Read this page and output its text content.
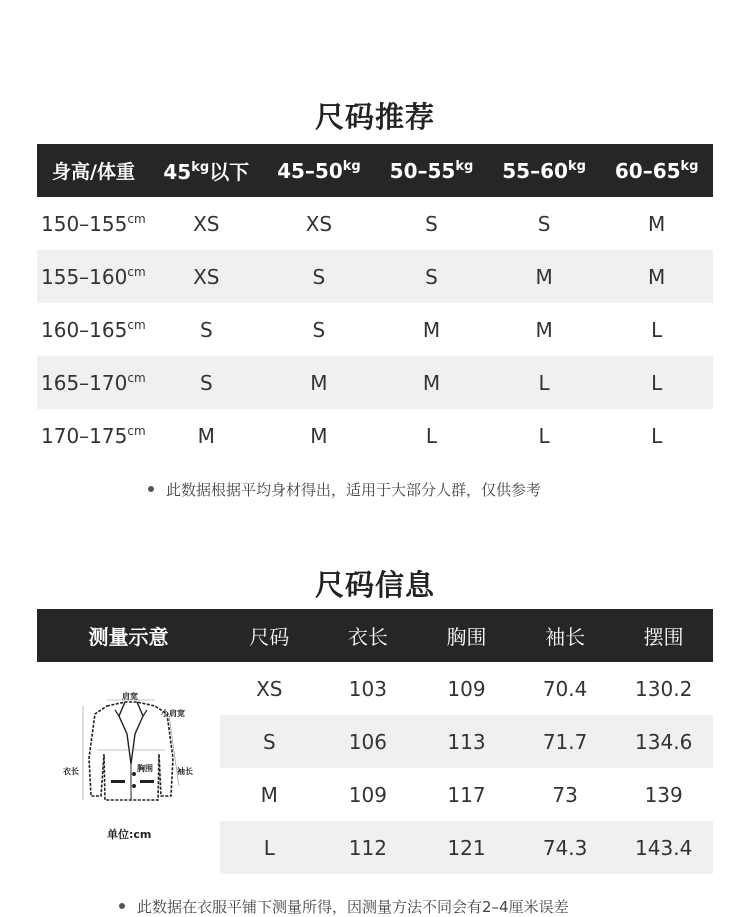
尺码推荐
身高/体重	$45^{kg}$以下	$45-50^{kg}$	$50-55^{kg}$	$55-60^{kg}$	$60-65^{kg}$
$150-155^{cm}$	XS	XS	S	S	M
$155-160^{cm}$	XS	S	S	M	M
$160-165^{cm}$	S	S	M	M	L
$165-170^{cm}$	S	M	M	L	L
$170-175^{cm}$	M	M	L	L	L
此数据根据平均身材得出，适用于大部分人群，仅供参考
尺码信息
测量示意	尺码	衣长	胸围	袖长	摆围
肩宽
小肩宽
衣长	胸围	袖长
单位:cm
XS	103	109	70.4	130.2
S	106	113	71.7	134.6
M	109	117	73	139
L	112	121	74.3	143.4
此数据在衣服平铺下测量所得，因测量方法不同会有2–4厘米误差
